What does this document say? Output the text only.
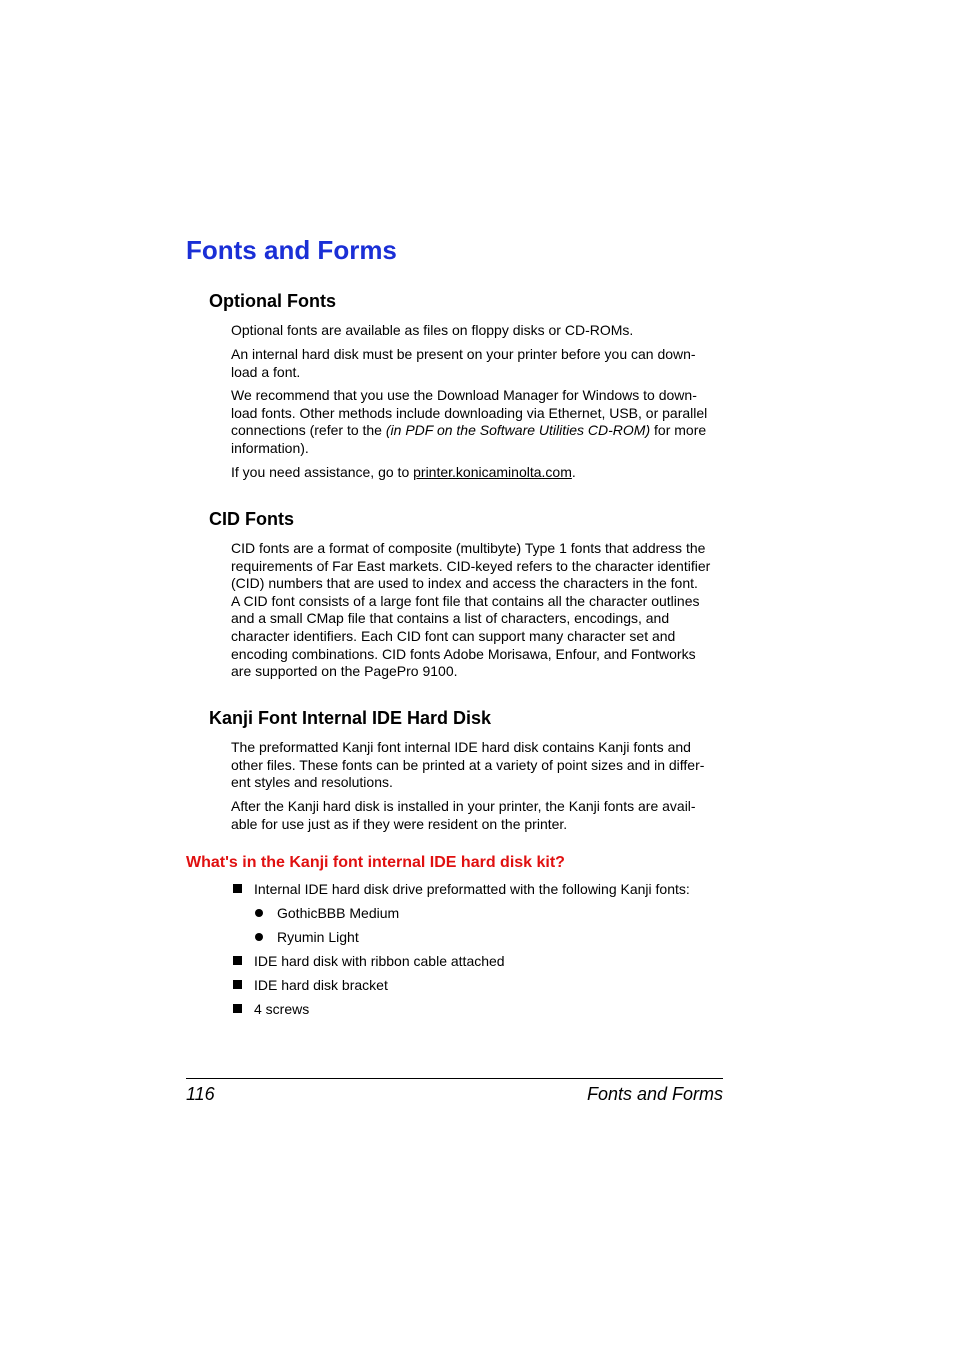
Fonts and Forms
Optional Fonts

Optional fonts are available as files on floppy disks or CD-ROMs.

An internal hard disk must be present on your printer before you can down-
load a font.

We recommend that you use the Download Manager for Windows to down-
load fonts. Other methods include downloading via Ethernet, USB, or parallel
connections (refer to the (in PDF on the Software Utilities CD-ROM) for more
information).

If you need assistance, go to printer.konicaminolta.com.

CID Fonts

CID fonts are a format of composite (multibyte) Type 1 fonts that address the
requirements of Far East markets. CID-keyed refers to the character identifier
(CID) numbers that are used to index and access the characters in the font.
A CID font consists of a large font file that contains all the character outlines
and a small CMap file that contains a list of characters, encodings, and
character identifiers. Each CID font can support many character set and
encoding combinations. CID fonts Adobe Morisawa, Enfour, and Fontworks
are supported on the PagePro 9100.

Kanji Font Internal IDE Hard Disk

The preformatted Kanji font internal IDE hard disk contains Kanji fonts and
other files. These fonts can be printed at a variety of point sizes and in differ-
ent styles and resolutions.

After the Kanji hard disk is installed in your printer, the Kanji fonts are avail-
able for use just as if they were resident on the printer.

What's in the Kanji font internal IDE hard disk kit?

Internal IDE hard disk drive preformatted with the following Kanji fonts:

GothicBBB Medium

Ryumin Light

IDE hard disk with ribbon cable attached

IDE hard disk bracket

4 screws

116	Fonts and Forms
